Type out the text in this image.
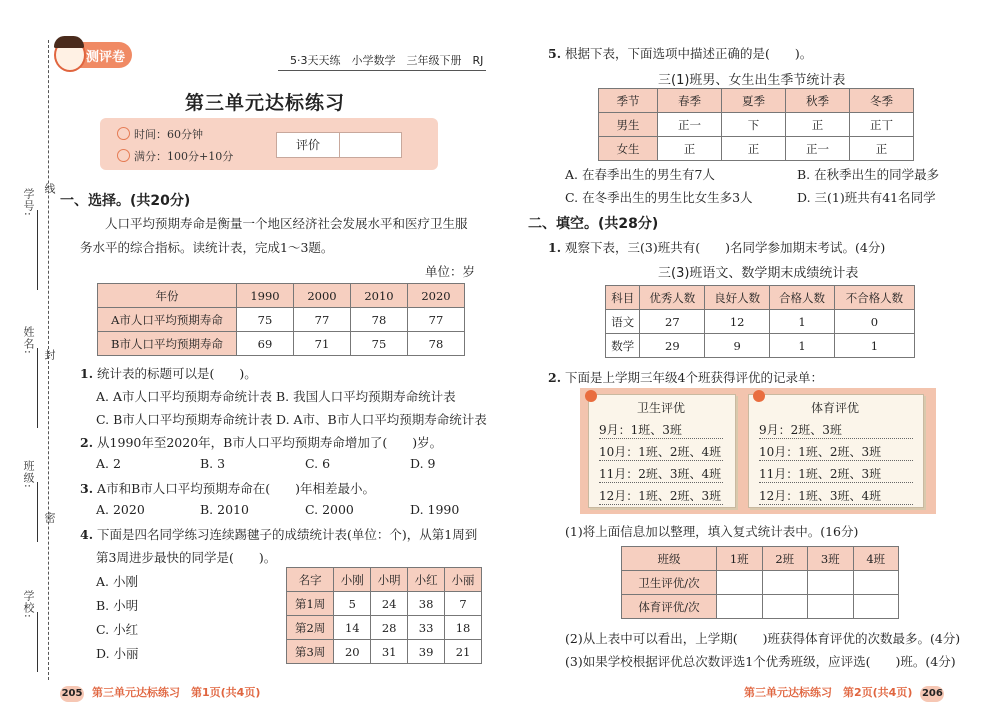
学号: 线
姓名:
封
班级:
密
学校:
测评卷	5·3天天练　小学数学　三年级下册　RJ
第三单元达标练习
时间：60分钟
满分：100分+10分
评价
一、选择。(共20分)
人口平均预期寿命是衡量一个地区经济社会发展水平和医疗卫生服
务水平的综合指标。读统计表，完成1～3题。
单位：岁
年份	1990	2000	2010	2020
A市人口平均预期寿命	75	77	78	77
B市人口平均预期寿命	69	71	75	78
1. 统计表的标题可以是(　　)。
A. A市人口平均预期寿命统计表 B. 我国人口平均预期寿命统计表
C. B市人口平均预期寿命统计表 D. A市、B市人口平均预期寿命统计表
2. 从1990年至2020年，B市人口平均预期寿命增加了(　　)岁。
A. 2	B. 3	C. 6	D. 9
3. A市和B市人口平均预期寿命在(　　)年相差最小。
A. 2020	B. 2010	C. 2000	D. 1990
4. 下面是四名同学练习连续踢毽子的成绩统计表(单位：个)，从第1周到
第3周进步最快的同学是(　　)。
A. 小刚
B. 小明
C. 小红
D. 小丽
名字	小刚	小明	小红	小丽
第1周	5	24	38	7
第2周	14	28	33	18
第3周	20	31	39	21
205 第三单元达标练习　第1页(共4页)
5. 根据下表，下面选项中描述正确的是(　　)。
三(1)班男、女生出生季节统计表
季节	春季	夏季	秋季	冬季
男生	正一	下	正	正丅
女生	正	正	正一	正
A. 在春季出生的男生有7人	B. 在秋季出生的同学最多
C. 在冬季出生的男生比女生多3人	D. 三(1)班共有41名同学
二、填空。(共28分)
1. 观察下表，三(3)班共有(　　)名同学参加期末考试。(4分)
三(3)班语文、数学期末成绩统计表
科目	优秀人数	良好人数	合格人数	不合格人数
语文	27	12	1	0
数学	29	9	1	1
2. 下面是上学期三年级4个班获得评优的记录单：
卫生评优
9月：1班、3班
10月：1班、2班、4班
11月：2班、3班、4班
12月：1班、2班、3班
体育评优
9月：2班、3班
10月：1班、2班、3班
11月：1班、2班、3班
12月：1班、3班、4班
(1)将上面信息加以整理，填入复式统计表中。(16分)
班级	1班	2班	3班	4班
卫生评优/次				
体育评优/次				
(2)从上表中可以看出，上学期(　　)班获得体育评优的次数最多。(4分)
(3)如果学校根据评优总次数评选1个优秀班级，应评选(　　)班。(4分)
第三单元达标练习　第2页(共4页) 206
